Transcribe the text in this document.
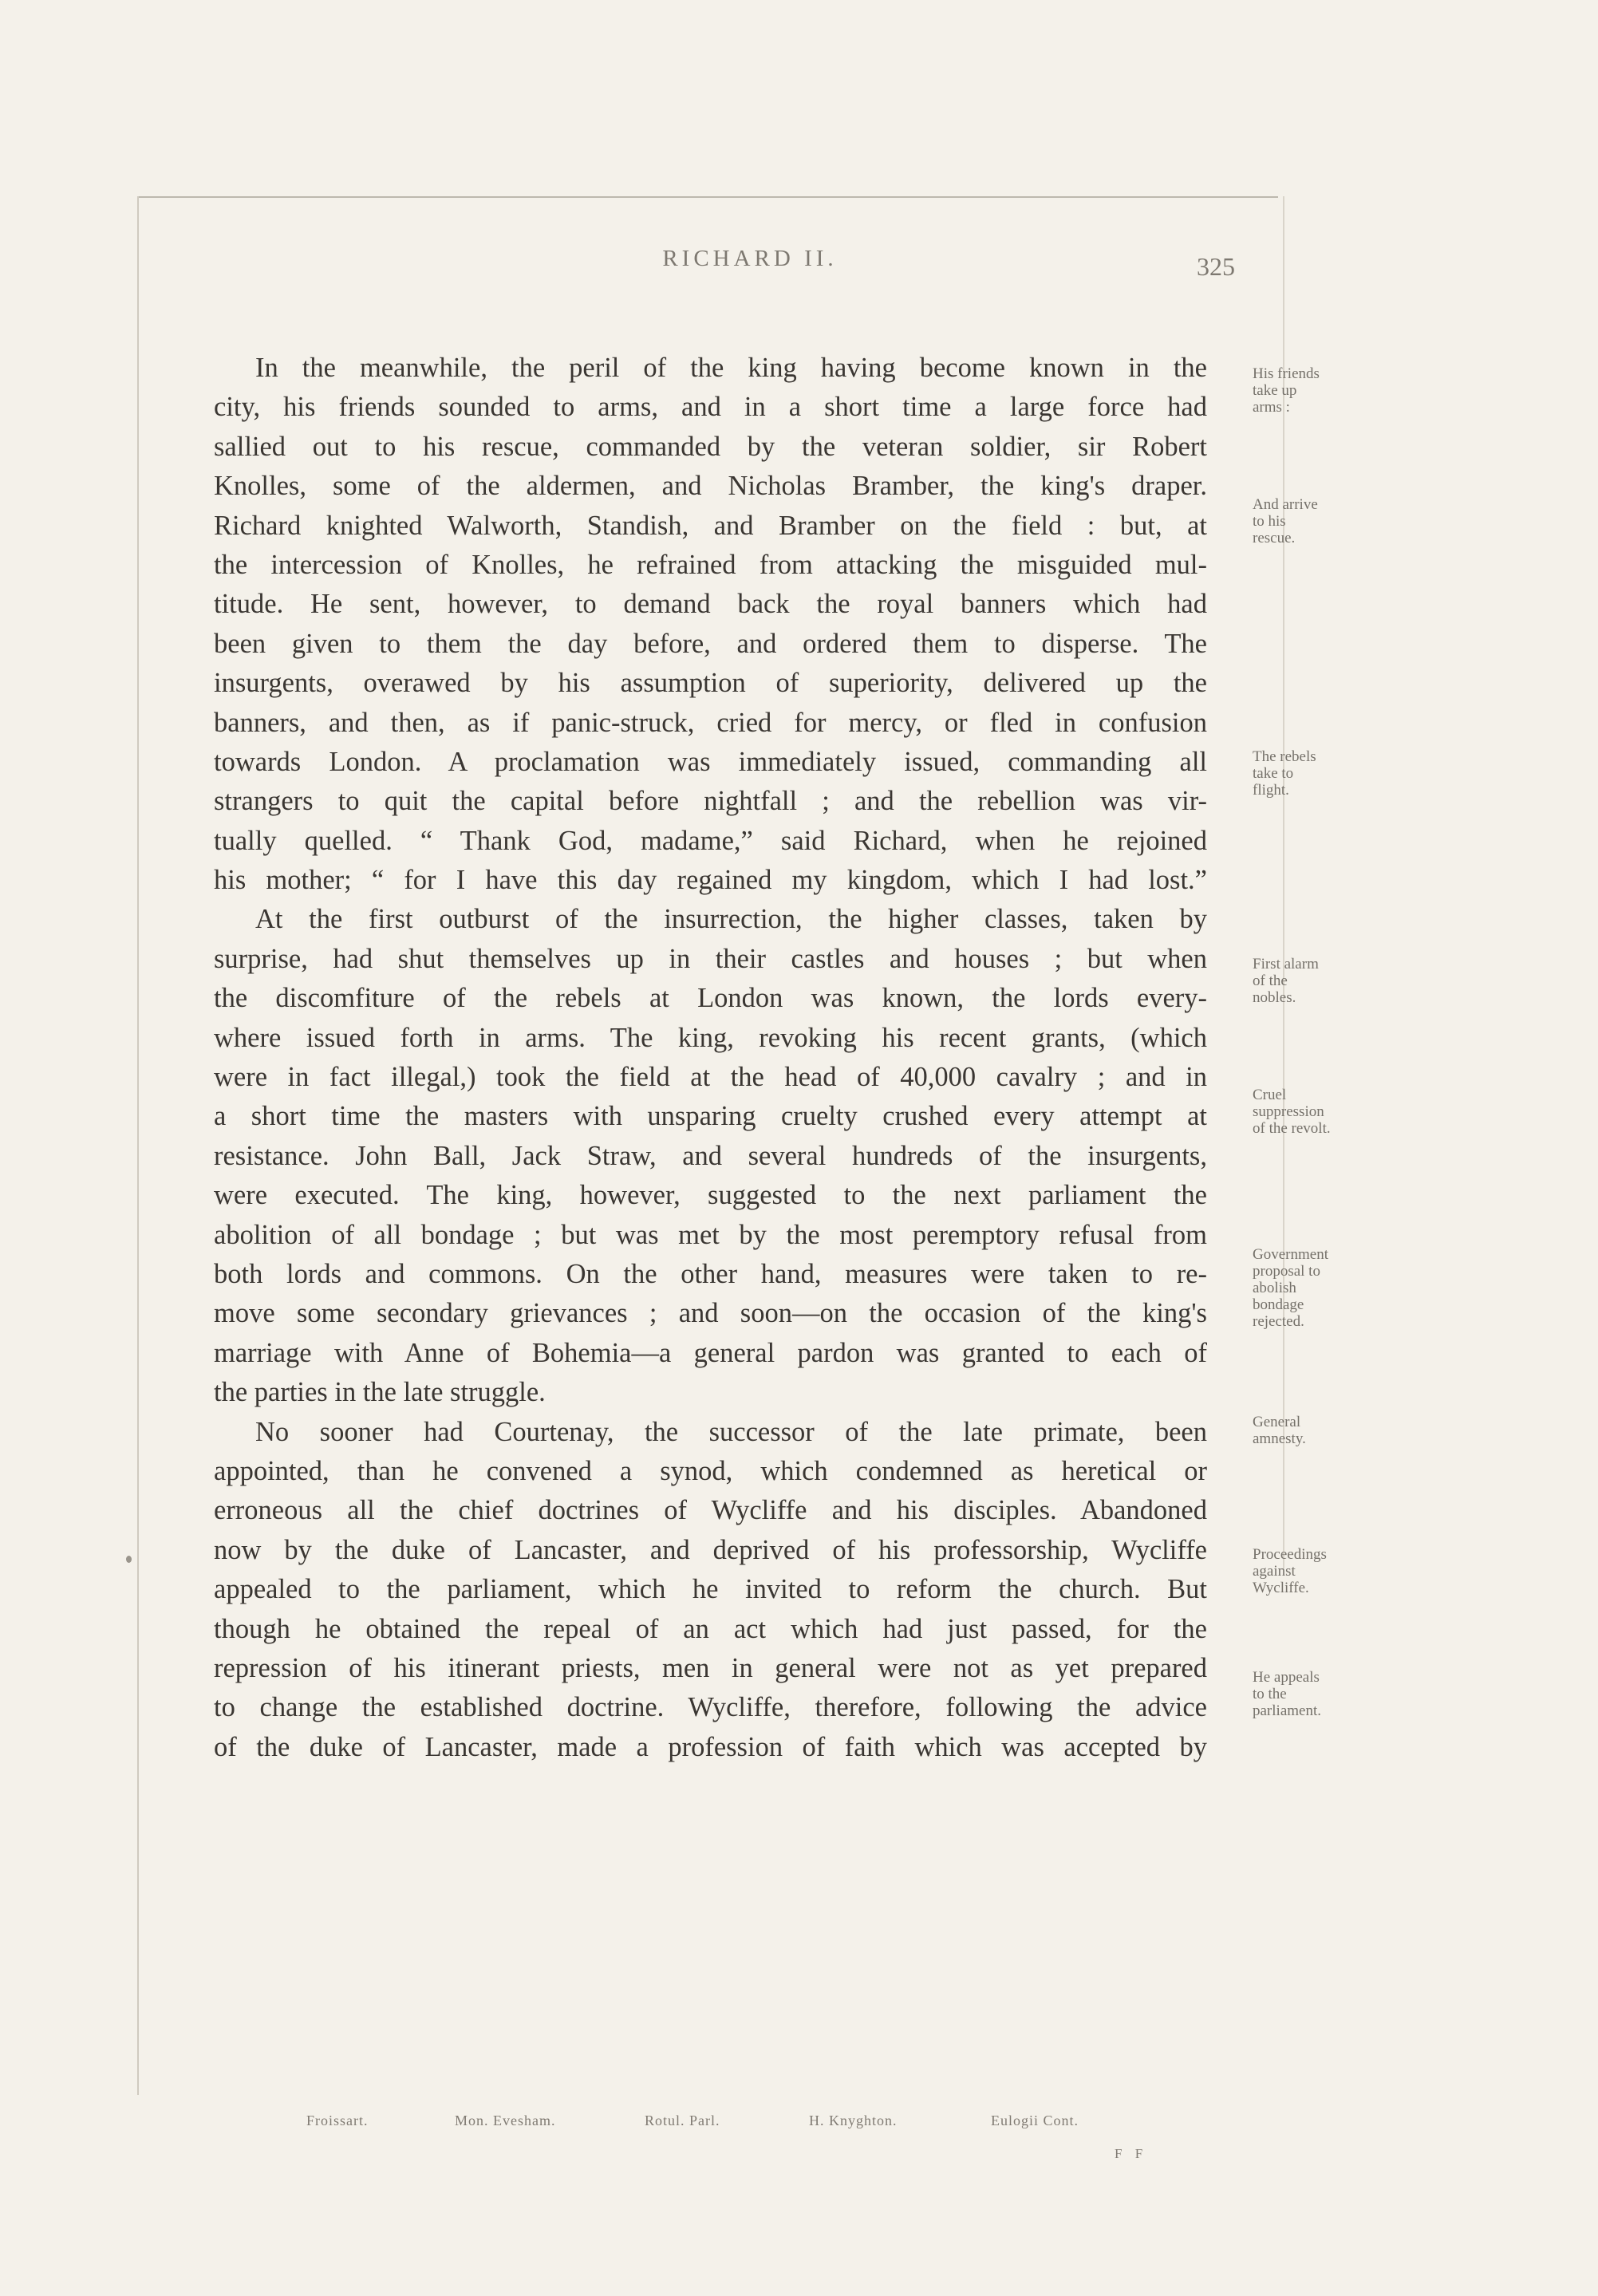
RICHARD II.	325
In the meanwhile, the peril of the king having become known in the
city, his friends sounded to arms, and in a short time a large force had
sallied out to his rescue, commanded by the veteran soldier, sir Robert
Knolles, some of the aldermen, and Nicholas Bramber, the king's draper.
Richard knighted Walworth, Standish, and Bramber on the field : but, at
the intercession of Knolles, he refrained from attacking the misguided mul-
titude. He sent, however, to demand back the royal banners which had
been given to them the day before, and ordered them to disperse. The
insurgents, overawed by his assumption of superiority, delivered up the
banners, and then, as if panic-struck, cried for mercy, or fled in confusion
towards London. A proclamation was immediately issued, commanding all
strangers to quit the capital before nightfall ; and the rebellion was vir-
tually quelled. “ Thank God, madame,” said Richard, when he rejoined
his mother; “ for I have this day regained my kingdom, which I had lost.”
At the first outburst of the insurrection, the higher classes, taken by
surprise, had shut themselves up in their castles and houses ; but when
the discomfiture of the rebels at London was known, the lords every-
where issued forth in arms. The king, revoking his recent grants, (which
were in fact illegal,) took the field at the head of 40,000 cavalry ; and in
a short time the masters with unsparing cruelty crushed every attempt at
resistance. John Ball, Jack Straw, and several hundreds of the insurgents,
were executed. The king, however, suggested to the next parliament the
abolition of all bondage ; but was met by the most peremptory refusal from
both lords and commons. On the other hand, measures were taken to re-
move some secondary grievances ; and soon—on the occasion of the king's
marriage with Anne of Bohemia—a general pardon was granted to each of
the parties in the late struggle.
No sooner had Courtenay, the successor of the late primate, been
appointed, than he convened a synod, which condemned as heretical or
erroneous all the chief doctrines of Wycliffe and his disciples. Abandoned
now by the duke of Lancaster, and deprived of his professorship, Wycliffe
appealed to the parliament, which he invited to reform the church. But
though he obtained the repeal of an act which had just passed, for the
repression of his itinerant priests, men in general were not as yet prepared
to change the established doctrine. Wycliffe, therefore, following the advice
of the duke of Lancaster, made a profession of faith which was accepted by
His friends
take up
arms :
And arrive
to his
rescue.
The rebels
take to
flight.
First alarm
of the
nobles.
Cruel
suppression
of the revolt.
Government
proposal to
abolish
bondage
rejected.
General
amnesty.
Proceedings
against
Wycliffe.
He appeals
to the
parliament.
Froissart.	Mon. Evesham.	Rotul. Parl.	H. Knyghton.	Eulogii Cont.
F F
